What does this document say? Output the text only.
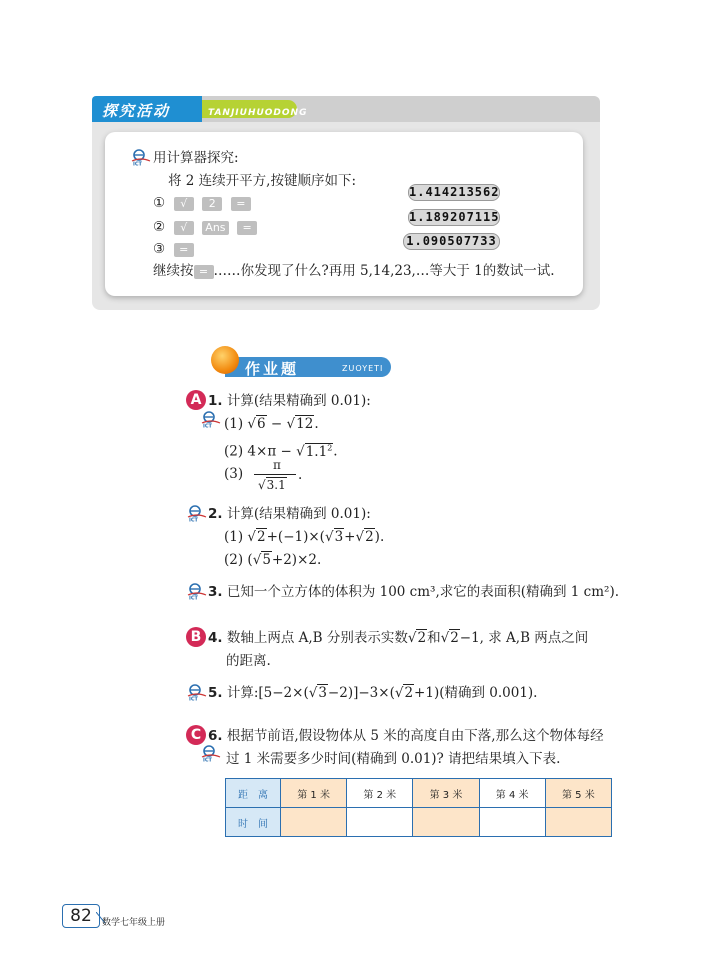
探究活动	TANJIUHUODONG
ICT 用计算器探究:
将 2 连续开平方,按键顺序如下:
① √ 2 =
② √ Ans =
③ =
1.414213562
1.189207115
1.090507733
继续按 = ……你发现了什么?再用 5,14,23,…等大于 1的数试一试.
作业题	ZUOYETI
A 1. 计算(结果精确到 0.01):
ICT (1) √6 − √12.
(2) $4\times\pi - √1.1^2$.
(3)
π
√3.1
.
ICT 2. 计算(结果精确到 0.01):
(1) √2+(−1)×(√3+√2).
(2) (√5+2)×2.
ICT 3. 已知一个立方体的体积为 100 cm³,求它的表面积(精确到 1 cm²).
B 4. 数轴上两点 A,B 分别表示实数√2和√2−1, 求 A,B 两点之间
的距离.
ICT 5. 计算:[5−2×(√3−2)]−3×(√2+1)(精确到 0.001).
C
ICT
6. 根据节前语,假设物体从 5 米的高度自由下落,那么这个物体每经
过 1 米需要多少时间(精确到 0.01)? 请把结果填入下表.
距　离	第 1 米	第 2 米	第 3 米	第 4 米	第 5 米
时　间					
82	数学七年级上册
